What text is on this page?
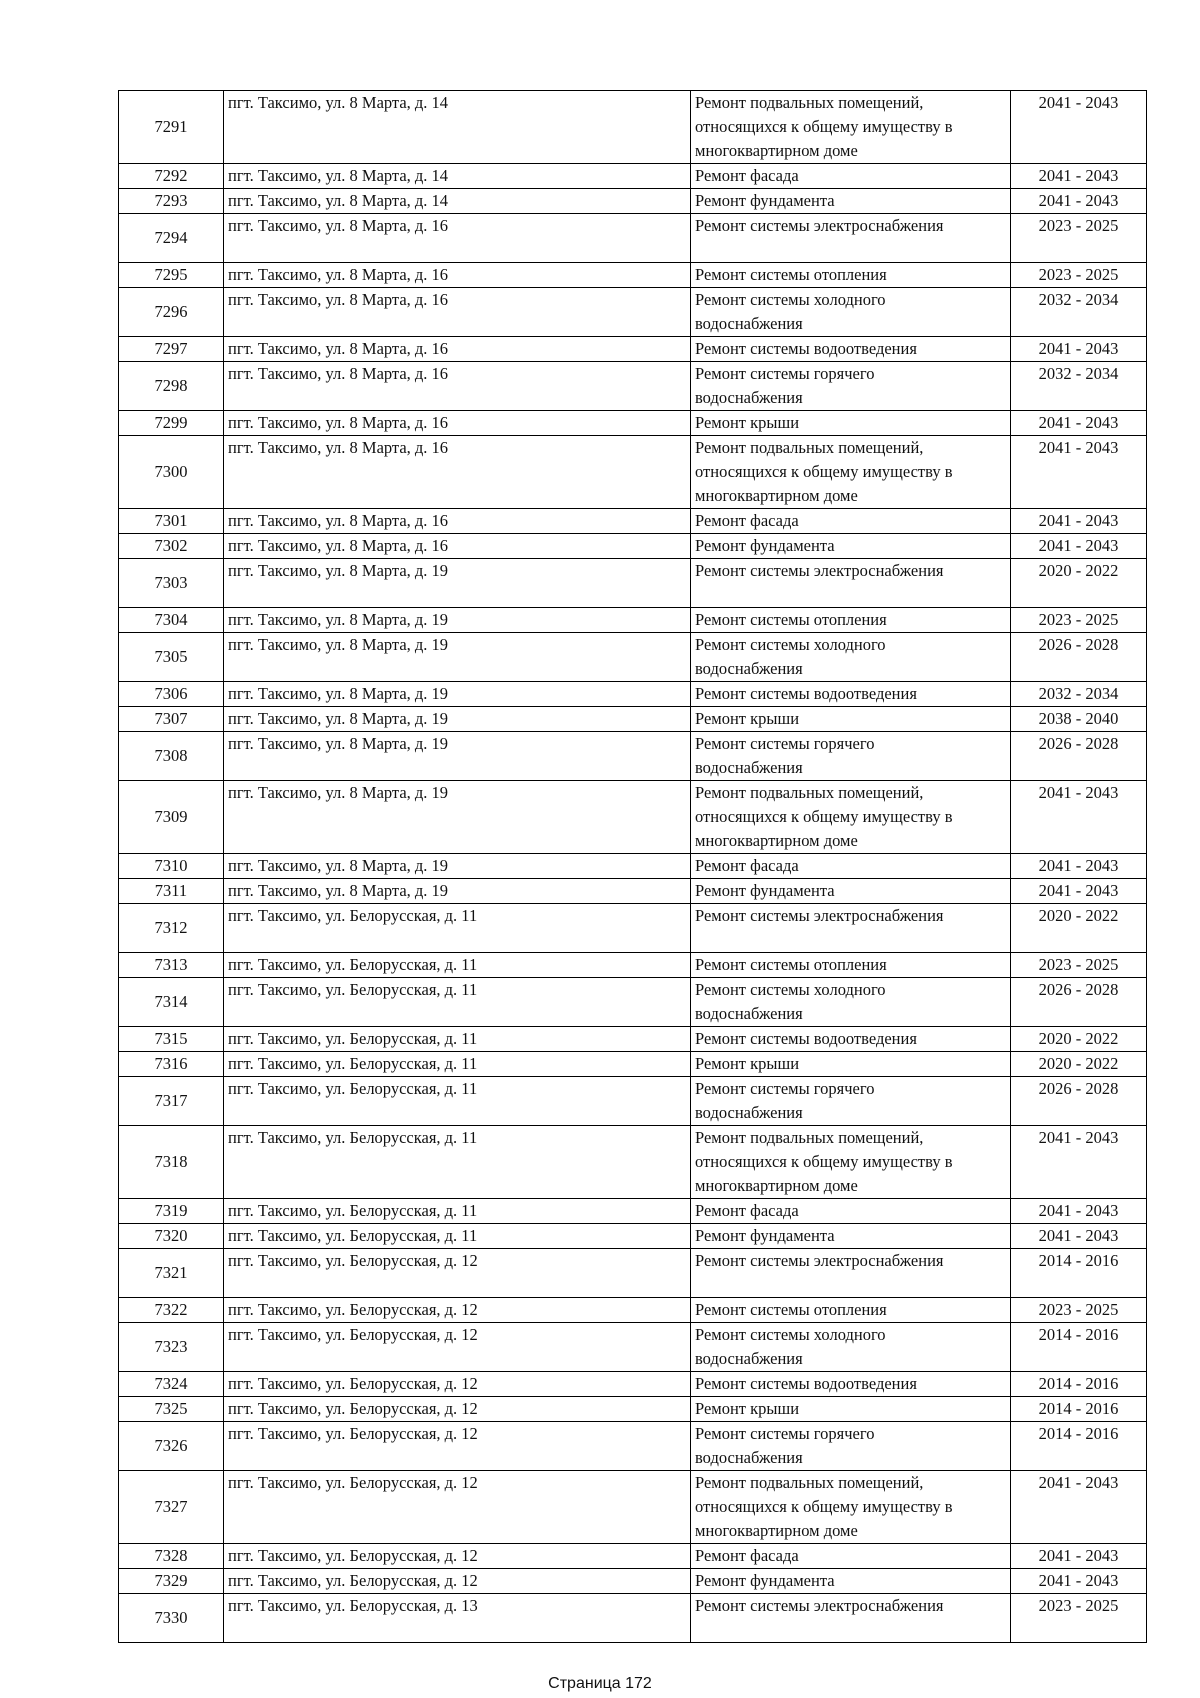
7291	пгт. Таксимо, ул. 8 Марта, д. 14	Ремонт подвальных помещений,
относящихся к общему имуществу в
многоквартирном доме	2041 - 2043
7292	пгт. Таксимо, ул. 8 Марта, д. 14	Ремонт фасада	2041 - 2043
7293	пгт. Таксимо, ул. 8 Марта, д. 14	Ремонт фундамента	2041 - 2043
7294	пгт. Таксимо, ул. 8 Марта, д. 16	Ремонт системы электроснабжения	2023 - 2025
7295	пгт. Таксимо, ул. 8 Марта, д. 16	Ремонт системы отопления	2023 - 2025
7296	пгт. Таксимо, ул. 8 Марта, д. 16	Ремонт системы холодного
водоснабжения	2032 - 2034
7297	пгт. Таксимо, ул. 8 Марта, д. 16	Ремонт системы водоотведения	2041 - 2043
7298	пгт. Таксимо, ул. 8 Марта, д. 16	Ремонт системы горячего
водоснабжения	2032 - 2034
7299	пгт. Таксимо, ул. 8 Марта, д. 16	Ремонт крыши	2041 - 2043
7300	пгт. Таксимо, ул. 8 Марта, д. 16	Ремонт подвальных помещений,
относящихся к общему имуществу в
многоквартирном доме	2041 - 2043
7301	пгт. Таксимо, ул. 8 Марта, д. 16	Ремонт фасада	2041 - 2043
7302	пгт. Таксимо, ул. 8 Марта, д. 16	Ремонт фундамента	2041 - 2043
7303	пгт. Таксимо, ул. 8 Марта, д. 19	Ремонт системы электроснабжения	2020 - 2022
7304	пгт. Таксимо, ул. 8 Марта, д. 19	Ремонт системы отопления	2023 - 2025
7305	пгт. Таксимо, ул. 8 Марта, д. 19	Ремонт системы холодного
водоснабжения	2026 - 2028
7306	пгт. Таксимо, ул. 8 Марта, д. 19	Ремонт системы водоотведения	2032 - 2034
7307	пгт. Таксимо, ул. 8 Марта, д. 19	Ремонт крыши	2038 - 2040
7308	пгт. Таксимо, ул. 8 Марта, д. 19	Ремонт системы горячего
водоснабжения	2026 - 2028
7309	пгт. Таксимо, ул. 8 Марта, д. 19	Ремонт подвальных помещений,
относящихся к общему имуществу в
многоквартирном доме	2041 - 2043
7310	пгт. Таксимо, ул. 8 Марта, д. 19	Ремонт фасада	2041 - 2043
7311	пгт. Таксимо, ул. 8 Марта, д. 19	Ремонт фундамента	2041 - 2043
7312	пгт. Таксимо, ул. Белорусская, д. 11	Ремонт системы электроснабжения	2020 - 2022
7313	пгт. Таксимо, ул. Белорусская, д. 11	Ремонт системы отопления	2023 - 2025
7314	пгт. Таксимо, ул. Белорусская, д. 11	Ремонт системы холодного
водоснабжения	2026 - 2028
7315	пгт. Таксимо, ул. Белорусская, д. 11	Ремонт системы водоотведения	2020 - 2022
7316	пгт. Таксимо, ул. Белорусская, д. 11	Ремонт крыши	2020 - 2022
7317	пгт. Таксимо, ул. Белорусская, д. 11	Ремонт системы горячего
водоснабжения	2026 - 2028
7318	пгт. Таксимо, ул. Белорусская, д. 11	Ремонт подвальных помещений,
относящихся к общему имуществу в
многоквартирном доме	2041 - 2043
7319	пгт. Таксимо, ул. Белорусская, д. 11	Ремонт фасада	2041 - 2043
7320	пгт. Таксимо, ул. Белорусская, д. 11	Ремонт фундамента	2041 - 2043
7321	пгт. Таксимо, ул. Белорусская, д. 12	Ремонт системы электроснабжения	2014 - 2016
7322	пгт. Таксимо, ул. Белорусская, д. 12	Ремонт системы отопления	2023 - 2025
7323	пгт. Таксимо, ул. Белорусская, д. 12	Ремонт системы холодного
водоснабжения	2014 - 2016
7324	пгт. Таксимо, ул. Белорусская, д. 12	Ремонт системы водоотведения	2014 - 2016
7325	пгт. Таксимо, ул. Белорусская, д. 12	Ремонт крыши	2014 - 2016
7326	пгт. Таксимо, ул. Белорусская, д. 12	Ремонт системы горячего
водоснабжения	2014 - 2016
7327	пгт. Таксимо, ул. Белорусская, д. 12	Ремонт подвальных помещений,
относящихся к общему имуществу в
многоквартирном доме	2041 - 2043
7328	пгт. Таксимо, ул. Белорусская, д. 12	Ремонт фасада	2041 - 2043
7329	пгт. Таксимо, ул. Белорусская, д. 12	Ремонт фундамента	2041 - 2043
7330	пгт. Таксимо, ул. Белорусская, д. 13	Ремонт системы электроснабжения	2023 - 2025
Страница 172
